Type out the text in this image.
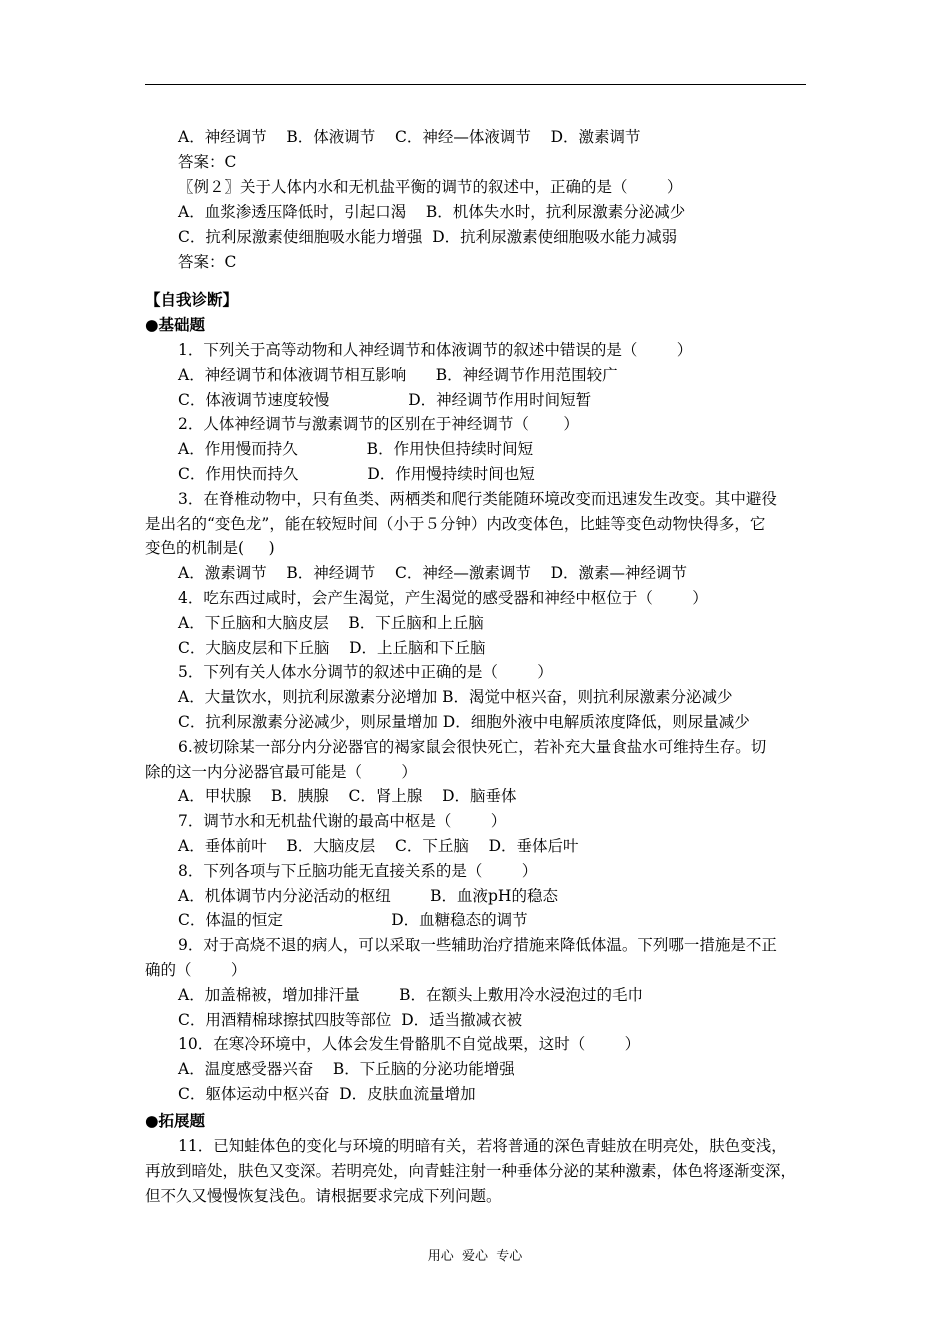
A．神经调节    B．体液调节    C．神经—体液调节    D．激素调节
答案：C
〖例２〗关于人体内水和无机盐平衡的调节的叙述中，正确的是（        ）
A．血浆渗透压降低时，引起口渴    B．机体失水时，抗利尿激素分泌减少
C．抗利尿激素使细胞吸水能力增强  D．抗利尿激素使细胞吸水能力减弱
答案：C
【自我诊断】
●基础题
1．下列关于高等动物和人神经调节和体液调节的叙述中错误的是（        ）
A．神经调节和体液调节相互影响      B．神经调节作用范围较广
C．体液调节速度较慢                D．神经调节作用时间短暂
2．人体神经调节与激素调节的区别在于神经调节（       ）
A．作用慢而持久              B．作用快但持续时间短
C．作用快而持久              D．作用慢持续时间也短
3．在脊椎动物中，只有鱼类、两栖类和爬行类能随环境改变而迅速发生改变。其中避役
是出名的“变色龙”，能在较短时间（小于５分钟）内改变体色，比蛙等变色动物快得多，它
变色的机制是(     )
A．激素调节    B．神经调节    C．神经—激素调节    D．激素—神经调节
4．吃东西过咸时，会产生渴觉，产生渴觉的感受器和神经中枢位于（        ）
A．下丘脑和大脑皮层    B．下丘脑和上丘脑
C．大脑皮层和下丘脑    D．上丘脑和下丘脑
5．下列有关人体水分调节的叙述中正确的是（        ）
A．大量饮水，则抗利尿激素分泌增加 B．渴觉中枢兴奋，则抗利尿激素分泌减少
C．抗利尿激素分泌减少，则尿量增加 D．细胞外液中电解质浓度降低，则尿量减少
6.被切除某一部分内分泌器官的褐家鼠会很快死亡，若补充大量食盐水可维持生存。切
除的这一内分泌器官最可能是（        ）
A．甲状腺    B．胰腺    C．肾上腺    D．脑垂体
7．调节水和无机盐代谢的最高中枢是（        ）
A．垂体前叶    B．大脑皮层    C．下丘脑    D．垂体后叶
8．下列各项与下丘脑功能无直接关系的是（        ）
A．机体调节内分泌活动的枢纽        B．血液pH的稳态
C．体温的恒定                      D．血糖稳态的调节
9．对于高烧不退的病人，可以采取一些辅助治疗措施来降低体温。下列哪一措施是不正
确的（        ）
A．加盖棉被，增加排汗量        B．在额头上敷用冷水浸泡过的毛巾
C．用酒精棉球擦拭四肢等部位  D．适当撤减衣被
10．在寒冷环境中，人体会发生骨骼肌不自觉战栗，这时（        ）
A．温度感受器兴奋    B．下丘脑的分泌功能增强
C．躯体运动中枢兴奋  D．皮肤血流量增加
●拓展题
11．已知蛙体色的变化与环境的明暗有关，若将普通的深色青蛙放在明亮处，肤色变浅，
再放到暗处，肤色又变深。若明亮处，向青蛙注射一种垂体分泌的某种激素，体色将逐渐变深，
但不久又慢慢恢复浅色。请根据要求完成下列问题。
用心  爱心  专心
